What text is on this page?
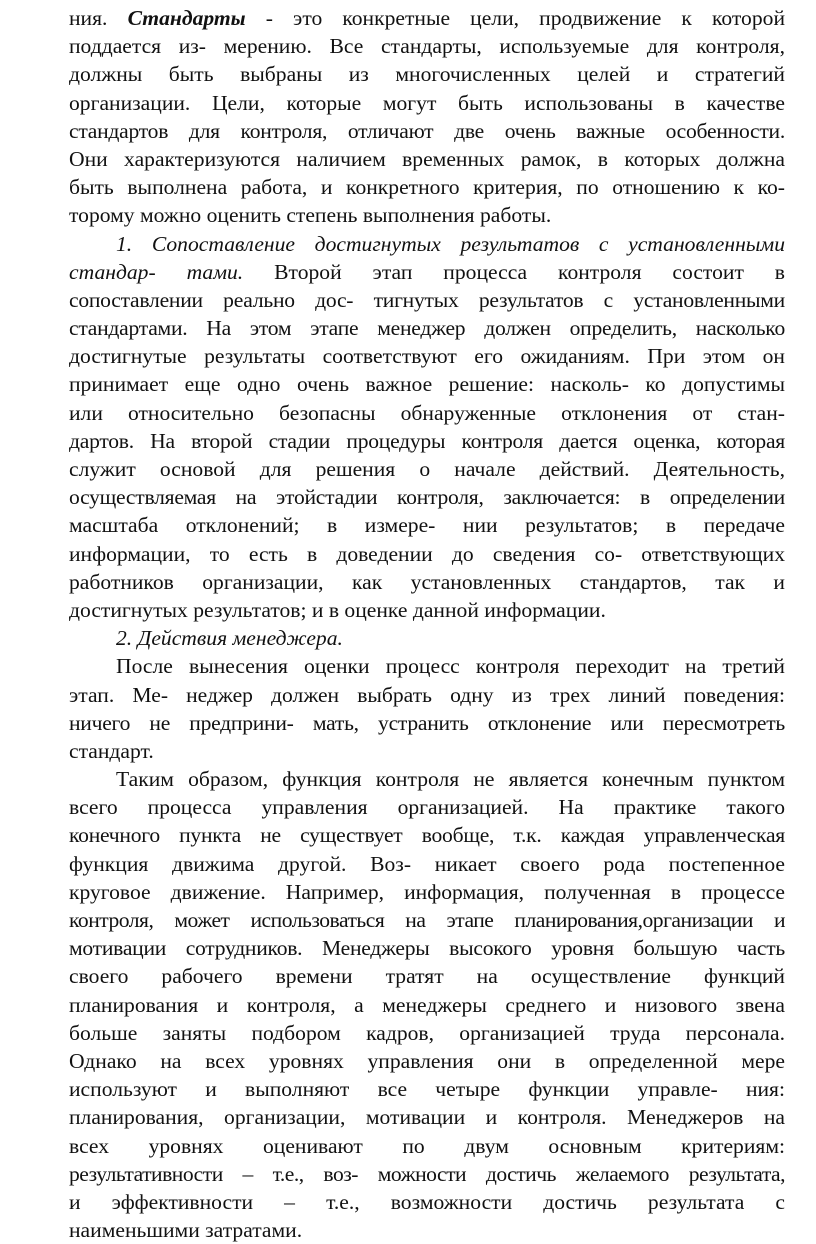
ния. Стандарты - это конкретные цели, продвижение к которой
поддается из- мерению. Все стандарты, используемые для контроля,
должны быть выбраны из многочисленных целей и стратегий
организации. Цели, которые могут быть использованы в качестве
стандартов для контроля, отличают две очень важные особенности.
Они характеризуются наличием временных рамок, в которых должна
быть выполнена работа, и конкретного критерия, по отношению к ко-
торому можно оценить степень выполнения работы.
1. Сопоставление достигнутых результатов с установленными
стандар- тами. Второй этап процесса контроля состоит в
сопоставлении реально дос- тигнутых результатов с установленными
стандартами. На этом этапе менеджер должен определить, насколько
достигнутые результаты соответствуют его ожиданиям. При этом он
принимает еще одно очень важное решение: насколь- ко допустимы
или относительно безопасны обнаруженные отклонения от стан-
дартов. На второй стадии процедуры контроля дается оценка, которая
служит основой для решения о начале действий. Деятельность,
осуществляемая на этойстадии контроля, заключается: в определении
масштаба отклонений; в измере- нии результатов; в передаче
информации, то есть в доведении до сведения со- ответствующих
работников организации, как установленных стандартов, так и
достигнутых результатов; и в оценке данной информации.
2. Действия менеджера.
После вынесения оценки процесс контроля переходит на третий
этап. Ме- неджер должен выбрать одну из трех линий поведения:
ничего не предприни- мать, устранить отклонение или пересмотреть
стандарт.
Таким образом, функция контроля не является конечным пунктом
всего процесса управления организацией. На практике такого
конечного пункта не существует вообще, т.к. каждая управленческая
функция движима другой. Воз- никает своего рода постепенное
круговое движение. Например, информация, полученная в процессе
контроля, может использоваться на этапе планирования,организации и
мотивации сотрудников. Менеджеры высокого уровня большую часть
своего рабочего времени тратят на осуществление функций
планирования и контроля, а менеджеры среднего и низового звена
больше заняты подбором кадров, организацией труда персонала.
Однако на всех уровнях управления они в определенной мере
используют и выполняют все четыре функции управле- ния:
планирования, организации, мотивации и контроля. Менеджеров на
всех уровнях оценивают по двум основным критериям:
результативности – т.е., воз- можности достичь желаемого результата,
и эффективности – т.е., возможности достичь результата с
наименьшими затратами.
